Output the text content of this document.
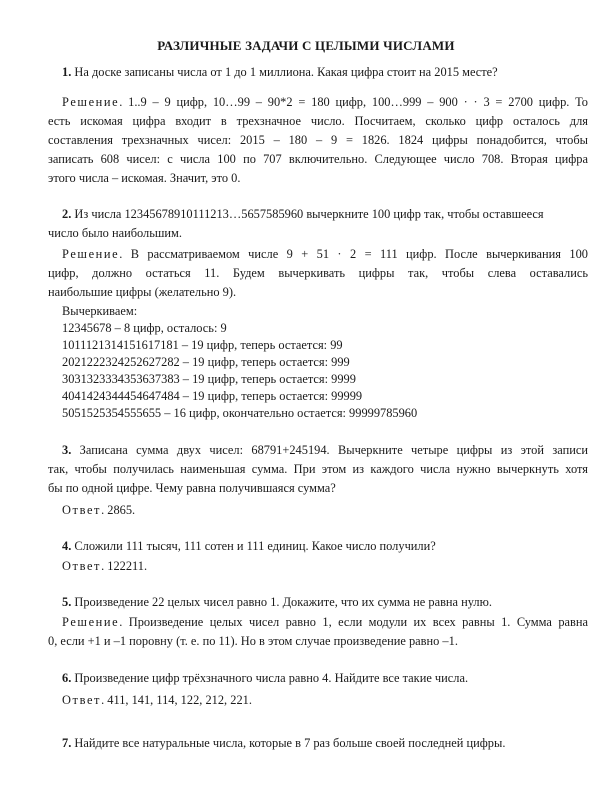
РАЗЛИЧНЫЕ ЗАДАЧИ С ЦЕЛЫМИ ЧИСЛАМИ
1. На доске записаны числа от 1 до 1 миллиона. Какая цифра стоит на 2015 месте?
Решение. 1..9 – 9 цифр, 10…99 – 90*2 = 180 цифр, 100…999 – 900 · · 3 = 2700 цифр. То
есть искомая цифра входит в трехзначное число. Посчитаем, сколько цифр осталось для
составления трехзначных чисел: 2015 – 180 – 9 = 1826. 1824 цифры понадобится, чтобы
записать 608 чисел: с числа 100 по 707 включительно. Следующее число 708. Вторая цифра
этого числа – искомая. Значит, это 0.
2. Из числа 12345678910111213…5657585960 вычеркните 100 цифр так, чтобы оставшееся
число было наибольшим.
Решение. В рассматриваемом числе 9 + 51 · 2 = 111 цифр. После вычеркивания 100
цифр, должно остаться 11. Будем вычеркивать цифры так, чтобы слева оставались
наибольшие цифры (желательно 9).
Вычеркиваем:
12345678 – 8 цифр, осталось: 9
1011121314151617181 – 19 цифр, теперь остается: 99
2021222324252627282 – 19 цифр, теперь остается: 999
3031323334353637383 – 19 цифр, теперь остается: 9999
4041424344454647484 – 19 цифр, теперь остается: 99999
5051525354555655 – 16 цифр, окончательно остается: 99999785960
3. Записана сумма двух чисел: 68791+245194. Вычеркните четыре цифры из этой записи
так, чтобы получилась наименьшая сумма. При этом из каждого числа нужно вычеркнуть хотя
бы по одной цифре. Чему равна получившаяся сумма?
Ответ. 2865.
4. Сложили 111 тысяч, 111 сотен и 111 единиц. Какое число получили?
Ответ. 122211.
5. Произведение 22 целых чисел равно 1. Докажите, что их сумма не равна нулю.
Решение. Произведение целых чисел равно 1, если модули их всех равны 1. Сумма равна
0, если +1 и –1 поровну (т. е. по 11). Но в этом случае произведение равно –1.
6. Произведение цифр трёхзначного числа равно 4. Найдите все такие числа.
Ответ. 411, 141, 114, 122, 212, 221.
7. Найдите все натуральные числа, которые в 7 раз больше своей последней цифры.
